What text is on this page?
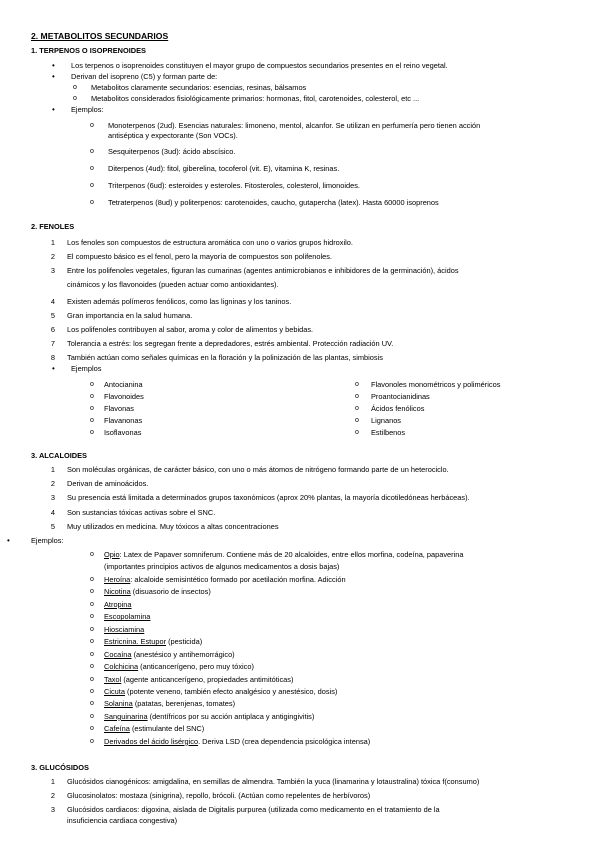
2. METABOLITOS SECUNDARIOS
1. TERPENOS O ISOPRENOIDES
• Los terpenos o isoprenoides constituyen el mayor grupo de compuestos secundarios presentes en el reino vegetal.
• Derivan del isopreno (C5) y forman parte de:
o Metabolitos claramente secundarios: esencias, resinas, bálsamos
o Metabolitos considerados fisiológicamente primarios: hormonas, fitol, carotenoides, colesterol, etc ...
• Ejemplos:
o Monoterpenos (2ud). Esencias naturales: limoneno, mentol, alcanfor. Se utilizan en perfumería pero tienen acción
antiséptica y expectorante (Son VOCs).
o Sesquiterpenos (3ud): ácido abscísico.
o Diterpenos (4ud): fitol, giberelina, tocoferol (vit. E), vitamina K, resinas.
o Triterpenos (6ud): esteroides y esteroles. Fitosteroles, colesterol, limonoides.
o Tetraterpenos (8ud) y politerpenos: carotenoides, caucho, gutapercha (latex). Hasta 60000 isoprenos
2. FENOLES
• Ejemplos
3. ALCALOIDES
•	Ejemplos:
3. GLUCÓSIDOS
1 Los fenoles son compuestos de estructura aromática con uno o varios grupos hidroxilo.
2 El compuesto básico es el fenol, pero la mayoría de compuestos son polifenoles.
3 Entre los polifenoles vegetales, figuran las cumarinas (agentes antimicrobianos e inhibidores de la germinación), ácidos
cinámicos y los flavonoides (pueden actuar como antioxidantes).
4 Existen además polímeros fenólicos, como las ligninas y los taninos.
5 Gran importancia en la salud humana.
6 Los polifenoles contribuyen al sabor, aroma y color de alimentos y bebidas.
7 Tolerancia a estrés: los segregan frente a depredadores, estrés ambiental. Protección radiación UV.
8 También actúan como señales químicas en la floración y la polinización de las plantas, simbiosis
o Antocianina
o Flavonoides
o Flavonas
o Flavanonas
o Isoflavonas
o Flavonoles monométricos y poliméricos
o Proantocianidinas
o Ácidos fenólicos
o Lignanos
o Estilbenos
1 Son moléculas orgánicas, de carácter básico, con uno o más átomos de nitrógeno formando parte de un heterociclo.
2 Derivan de aminoácidos.
3 Su presencia está limitada a determinados grupos taxonómicos (aprox 20% plantas, la mayoría dicotiledóneas herbáceas).
4 Son sustancias tóxicas activas sobre el SNC.
5 Muy utilizados en medicina. Muy tóxicos a altas concentraciones
o Opio: Latex de Papaver somniferum. Contiene más de 20 alcaloides, entre ellos morfina, codeína, papaverina
(importantes principios activos de algunos medicamentos a dosis bajas)
o Heroína: alcaloide semisintético formado por acetilación morfina. Adicción
o Nicotina (disuasorio de insectos)
o Atropina
o Escopolamina
o Hiosciamina
o Estricnina. Estupor (pesticida)
o Cocaína (anestésico y antihemorrágico)
o Colchicina (anticancerígeno, pero muy tóxico)
o Taxol (agente anticancerígeno, propiedades antimitóticas)
o Cicuta (potente veneno, también efecto analgésico y anestésico, dosis)
o Solanina (patatas, berenjenas, tomates)
o Sanguinarina (dentífricos por su acción antiplaca y antigingivitis)
o Cafeína (estimulante del SNC)
o Derivados del ácido lisérgico. Deriva LSD (crea dependencia psicológica intensa)
1 Glucósidos cianogénicos: amigdalina, en semillas de almendra. También la yuca (linamarina y lotaustralina) tóxica f(consumo)
2 Glucosinolatos: mostaza (sinigrina), repollo, brócoli. (Actúan como repelentes de herbívoros)
3 Glucósidos cardiacos: digoxina, aislada de Digitalis purpurea (utilizada como medicamento en el tratamiento de la
insuficiencia cardiaca congestiva)
